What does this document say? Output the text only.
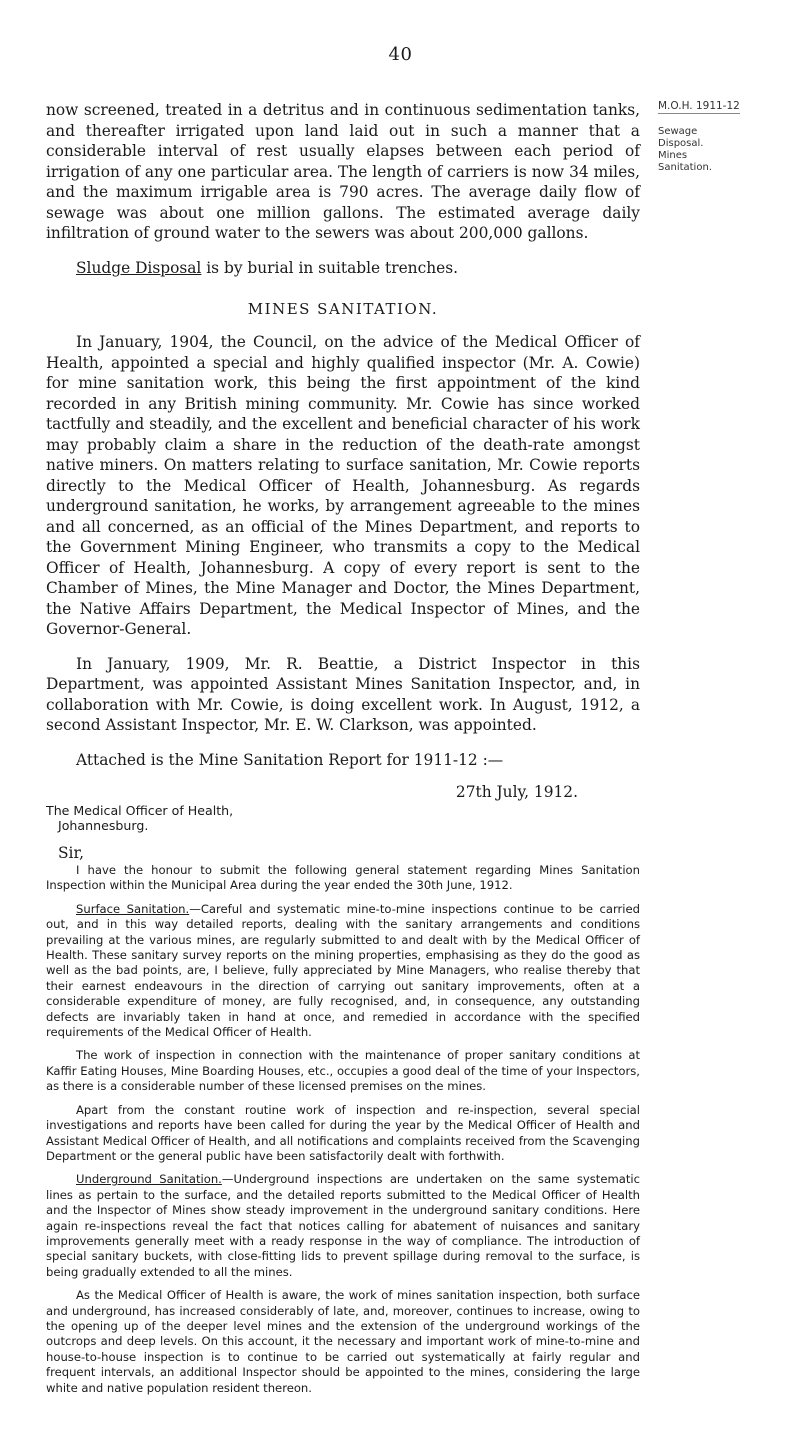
40
M.O.H. 1911-12
Sewage
Disposal.
Mines
Sanitation.

now screened, treated in a detritus and in continuous sedimentation tanks, and thereafter irrigated upon land laid out in such a manner that a considerable interval of rest usually elapses between each period of irrigation of any one particular area. The length of carriers is now 34 miles, and the maximum irrigable area is 790 acres. The average daily flow of sewage was about one million gallons. The estimated average daily infiltration of ground water to the sewers was about 200,000 gallons.

Sludge Disposal is by burial in suitable trenches.

MINES SANITATION.

In January, 1904, the Council, on the advice of the Medical Officer of Health, appointed a special and highly qualified inspector (Mr. A. Cowie) for mine sanitation work, this being the first appointment of the kind recorded in any British mining community. Mr. Cowie has since worked tactfully and steadily, and the excellent and beneficial character of his work may probably claim a share in the reduction of the death-rate amongst native miners. On matters relating to surface sanitation, Mr. Cowie reports directly to the Medical Officer of Health, Johannesburg. As regards underground sanitation, he works, by arrangement agreeable to the mines and all concerned, as an official of the Mines Department, and reports to the Government Mining Engineer, who transmits a copy to the Medical Officer of Health, Johannesburg. A copy of every report is sent to the Chamber of Mines, the Mine Manager and Doctor, the Mines Department, the Native Affairs Department, the Medical Inspector of Mines, and the Governor-General.

In January, 1909, Mr. R. Beattie, a District Inspector in this Department, was appointed Assistant Mines Sanitation Inspector, and, in collaboration with Mr. Cowie, is doing excellent work. In August, 1912, a second Assistant Inspector, Mr. E. W. Clarkson, was appointed.

Attached is the Mine Sanitation Report for 1911-12 :—

27th July, 1912.

The Medical Officer of Health,
Johannesburg.
Sir,

I have the honour to submit the following general statement regarding Mines Sanitation Inspection within the Municipal Area during the year ended the 30th June, 1912.

Surface Sanitation.—Careful and systematic mine-to-mine inspections continue to be carried out, and in this way detailed reports, dealing with the sanitary arrangements and conditions prevailing at the various mines, are regularly submitted to and dealt with by the Medical Officer of Health. These sanitary survey reports on the mining properties, emphasising as they do the good as well as the bad points, are, I believe, fully appreciated by Mine Managers, who realise thereby that their earnest endeavours in the direction of carrying out sanitary improvements, often at a considerable expenditure of money, are fully recognised, and, in consequence, any outstanding defects are invariably taken in hand at once, and remedied in accordance with the specified requirements of the Medical Officer of Health.

The work of inspection in connection with the maintenance of proper sanitary conditions at Kaffir Eating Houses, Mine Boarding Houses, etc., occupies a good deal of the time of your Inspectors, as there is a considerable number of these licensed premises on the mines.

Apart from the constant routine work of inspection and re-inspection, several special investigations and reports have been called for during the year by the Medical Officer of Health and Assistant Medical Officer of Health, and all notifications and complaints received from the Scavenging Department or the general public have been satisfactorily dealt with forthwith.

Underground Sanitation.—Underground inspections are undertaken on the same systematic lines as pertain to the surface, and the detailed reports submitted to the Medical Officer of Health and the Inspector of Mines show steady improvement in the underground sanitary conditions. Here again re-inspections reveal the fact that notices calling for abatement of nuisances and sanitary improvements generally meet with a ready response in the way of compliance. The introduction of special sanitary buckets, with close-fitting lids to prevent spillage during removal to the surface, is being gradually extended to all the mines.

As the Medical Officer of Health is aware, the work of mines sanitation inspection, both surface and underground, has increased considerably of late, and, moreover, continues to increase, owing to the opening up of the deeper level mines and the extension of the underground workings of the outcrops and deep levels. On this account, it the necessary and important work of mine-to-mine and house-to-house inspection is to continue to be carried out systematically at fairly regular and frequent intervals, an additional Inspector should be appointed to the mines, considering the large white and native population resident thereon.
